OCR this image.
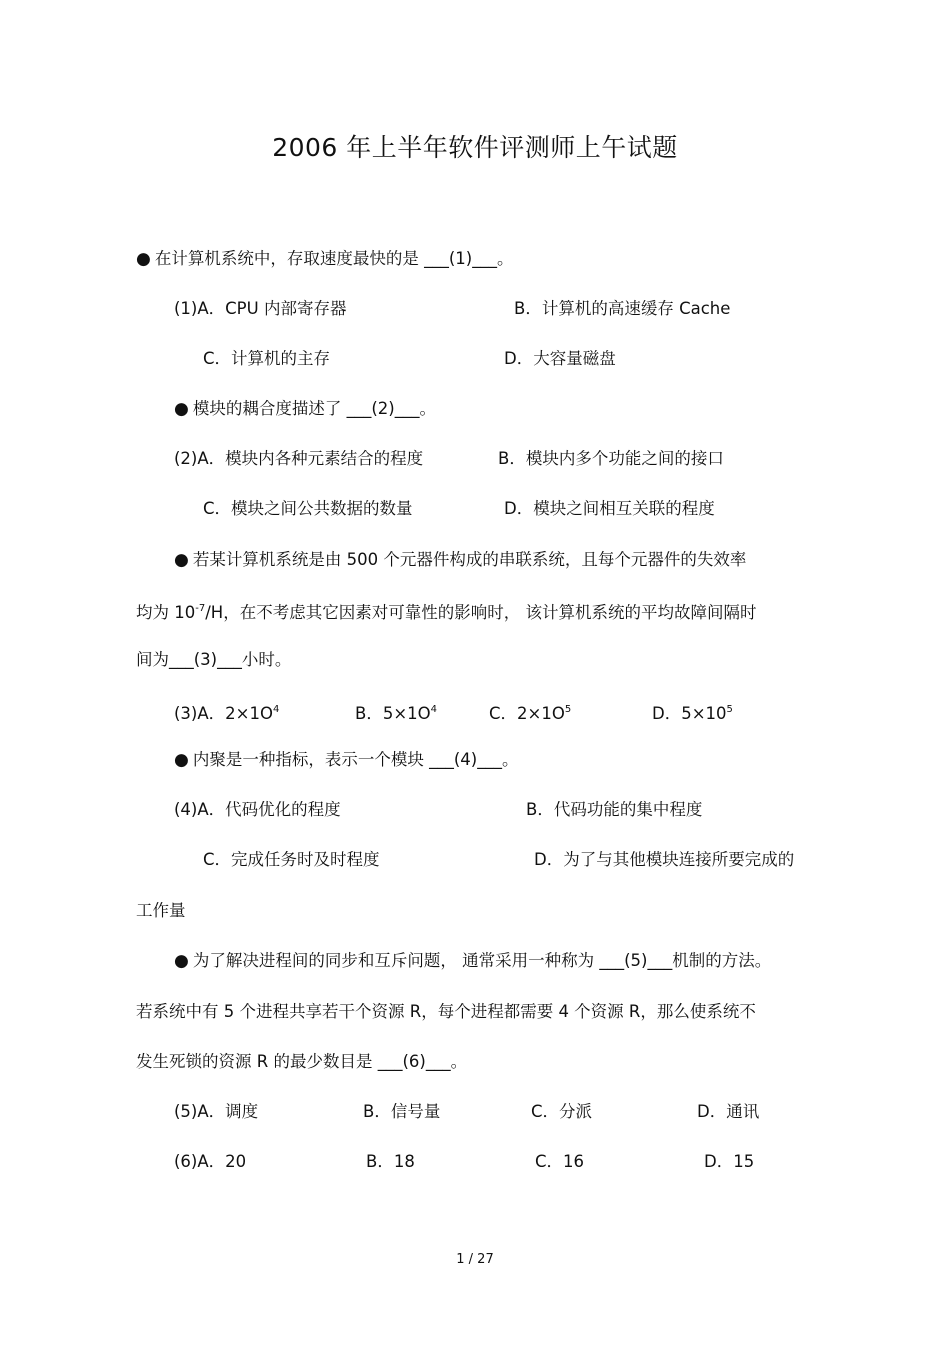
2006 年上半年软件评测师上午试题
● 在计算机系统中，存取速度最快的是 ___(1)___。
(1)A．CPU 内部寄存器	B．计算机的高速缓存 Cache
C．计算机的主存	D．大容量磁盘
● 模块的耦合度描述了 ___(2)___。
(2)A．模块内各种元素结合的程度	B．模块内多个功能之间的接口
C．模块之间公共数据的数量	D．模块之间相互关联的程度
● 若某计算机系统是由 500 个元器件构成的串联系统，且每个元器件的失效率
均为 $10^{-7}/H$，在不考虑其它因素对可靠性的影响时， 该计算机系统的平均故障间隔时
间为___(3)___小时。
(3)A．$2\times 1O^4$	B．$5\times 1O^4$	C．$2\times 1O^5$	D．$5\times 10^5$
● 内聚是一种指标，表示一个模块 ___(4)___。
(4)A．代码优化的程度	B．代码功能的集中程度
C．完成任务时及时程度	D．为了与其他模块连接所要完成的
工作量
● 为了解决进程间的同步和互斥问题， 通常采用一种称为 ___(5)___机制的方法。
若系统中有 5 个进程共享若干个资源 R，每个进程都需要 4 个资源 R，那么使系统不
发生死锁的资源 R 的最少数目是 ___(6)___。
(5)A．调度	B．信号量	C．分派	D．通讯
(6)A．20	B．18	C．16	D．15
1 / 27
